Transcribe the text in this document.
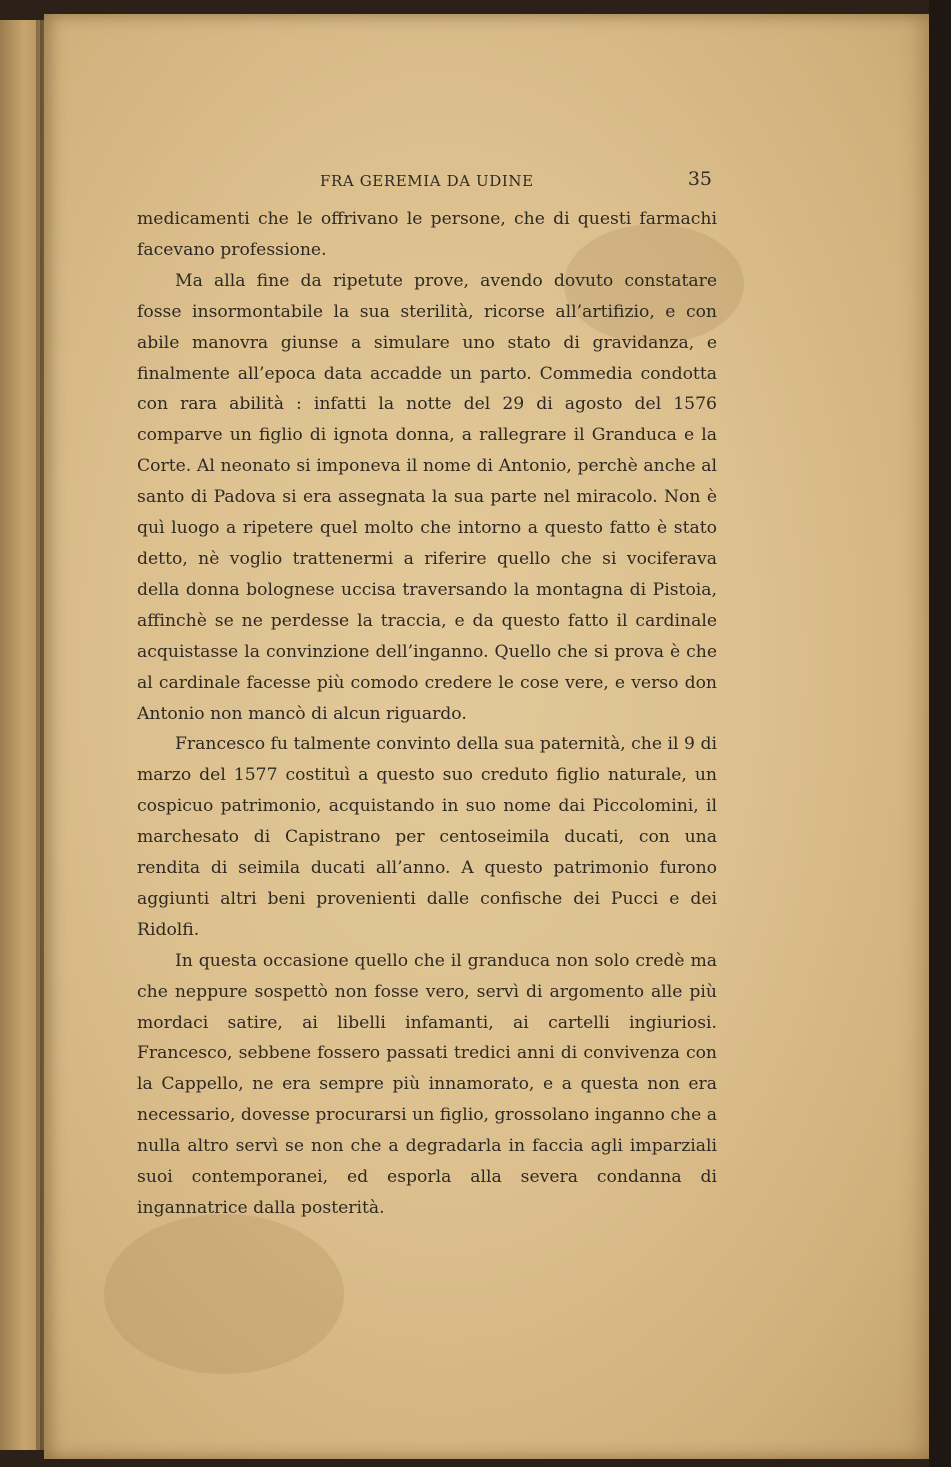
FRA GEREMIA DA UDINE	35

medicamenti che le offrivano le persone, che di questi farmachi facevano professione.

Ma alla fine da ripetute prove, avendo dovuto constatare fosse insormontabile la sua sterilità, ricorse all’artifizio, e con abile manovra giunse a simulare uno stato di gravidanza, e finalmente all’epoca data accadde un parto. Commedia condotta con rara abilità : infatti la notte del 29 di agosto del 1576 comparve un figlio di ignota donna, a rallegrare il Granduca e la Corte. Al neonato si imponeva il nome di Antonio, perchè anche al santo di Padova si era assegnata la sua parte nel miracolo. Non è quì luogo a ripetere quel molto che intorno a questo fatto è stato detto, nè voglio trattenermi a riferire quello che si vociferava della donna bolognese uccisa traversando la montagna di Pistoia, affinchè se ne perdesse la traccia, e da questo fatto il cardinale acquistasse la convinzione dell’inganno. Quello che si prova è che al cardinale facesse più comodo credere le cose vere, e verso don Antonio non mancò di alcun riguardo.

Francesco fu talmente convinto della sua paternità, che il 9 di marzo del 1577 costituì a questo suo creduto figlio naturale, un cospicuo patrimonio, acquistando in suo nome dai Piccolomini, il marchesato di Capistrano per centoseimila ducati, con una rendita di seimila ducati all’anno. A questo patrimonio furono aggiunti altri beni provenienti dalle confische dei Pucci e dei Ridolfi.

In questa occasione quello che il granduca non solo credè ma che neppure sospettò non fosse vero, servì di argomento alle più mordaci satire, ai libelli infamanti, ai cartelli ingiuriosi. Francesco, sebbene fossero passati tredici anni di convivenza con la Cappello, ne era sempre più innamorato, e a questa non era necessario, dovesse procurarsi un figlio, grossolano inganno che a nulla altro servì se non che a degradarla in faccia agli imparziali suoi contemporanei, ed esporla alla severa condanna di ingannatrice dalla posterità.
